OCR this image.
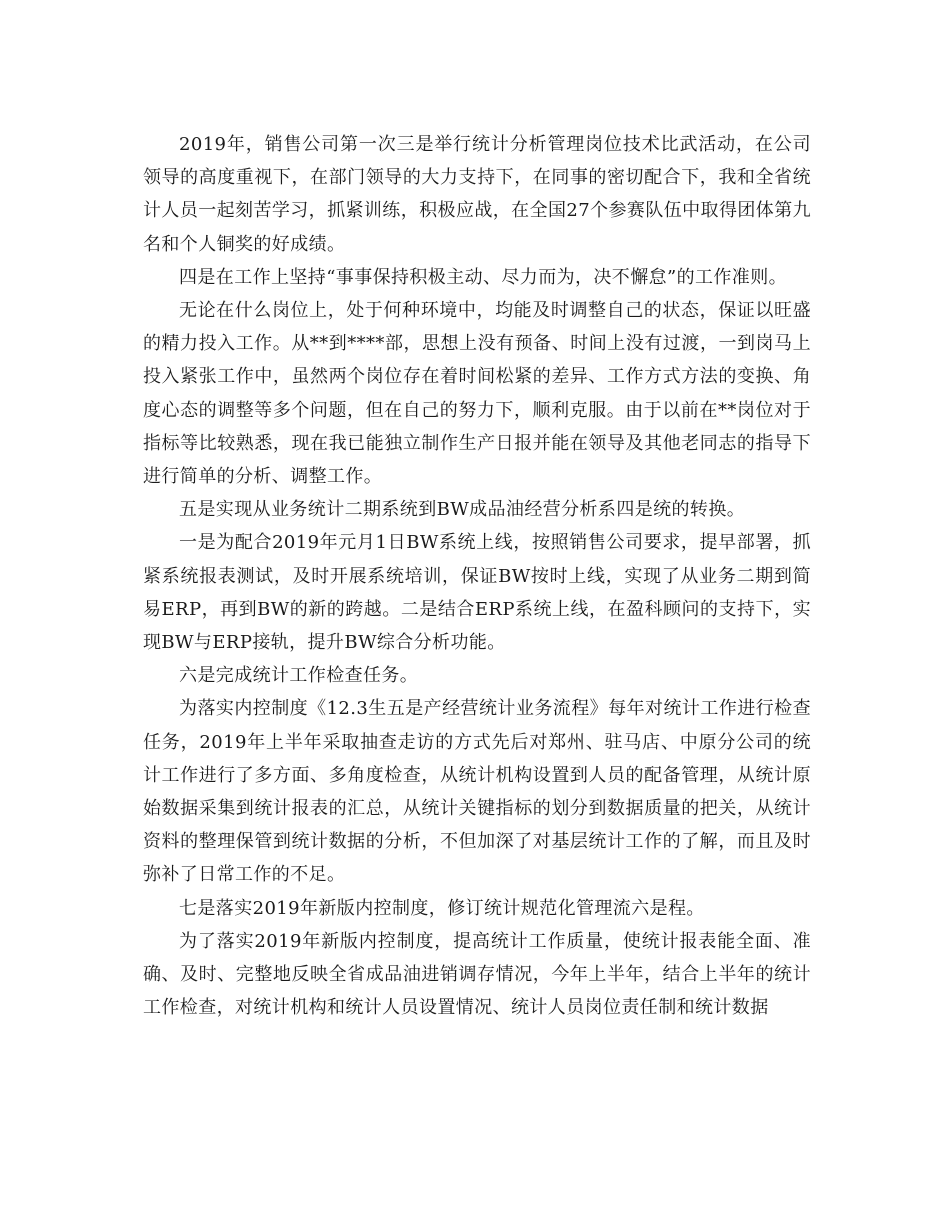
2019年，销售公司第一次三是举行统计分析管理岗位技术比武活动，在公司领导的高度重视下，在部门领导的大力支持下，在同事的密切配合下，我和全省统计人员一起刻苦学习，抓紧训练，积极应战，在全国27个参赛队伍中取得团体第九名和个人铜奖的好成绩。

四是在工作上坚持“事事保持积极主动、尽力而为，决不懈怠”的工作准则。

无论在什么岗位上，处于何种环境中，均能及时调整自己的状态，保证以旺盛的精力投入工作。从**到****部，思想上没有预备、时间上没有过渡，一到岗马上投入紧张工作中，虽然两个岗位存在着时间松紧的差异、工作方式方法的变换、角度心态的调整等多个问题，但在自己的努力下，顺利克服。由于以前在**岗位对于指标等比较熟悉，现在我已能独立制作生产日报并能在领导及其他老同志的指导下进行简单的分析、调整工作。

五是实现从业务统计二期系统到BW成品油经营分析系四是统的转换。

一是为配合2019年元月1日BW系统上线，按照销售公司要求，提早部署，抓紧系统报表测试，及时开展系统培训，保证BW按时上线，实现了从业务二期到简易ERP，再到BW的新的跨越。二是结合ERP系统上线，在盈科顾问的支持下，实现BW与ERP接轨，提升BW综合分析功能。

六是完成统计工作检查任务。

为落实内控制度《12.3生五是产经营统计业务流程》每年对统计工作进行检查任务，2019年上半年采取抽查走访的方式先后对郑州、驻马店、中原分公司的统计工作进行了多方面、多角度检查，从统计机构设置到人员的配备管理，从统计原始数据采集到统计报表的汇总，从统计关键指标的划分到数据质量的把关，从统计资料的整理保管到统计数据的分析，不但加深了对基层统计工作的了解，而且及时弥补了日常工作的不足。

七是落实2019年新版内控制度，修订统计规范化管理流六是程。

为了落实2019年新版内控制度，提高统计工作质量，使统计报表能全面、准确、及时、完整地反映全省成品油进销调存情况，今年上半年，结合上半年的统计工作检查，对统计机构和统计人员设置情况、统计人员岗位责任制和统计数据
